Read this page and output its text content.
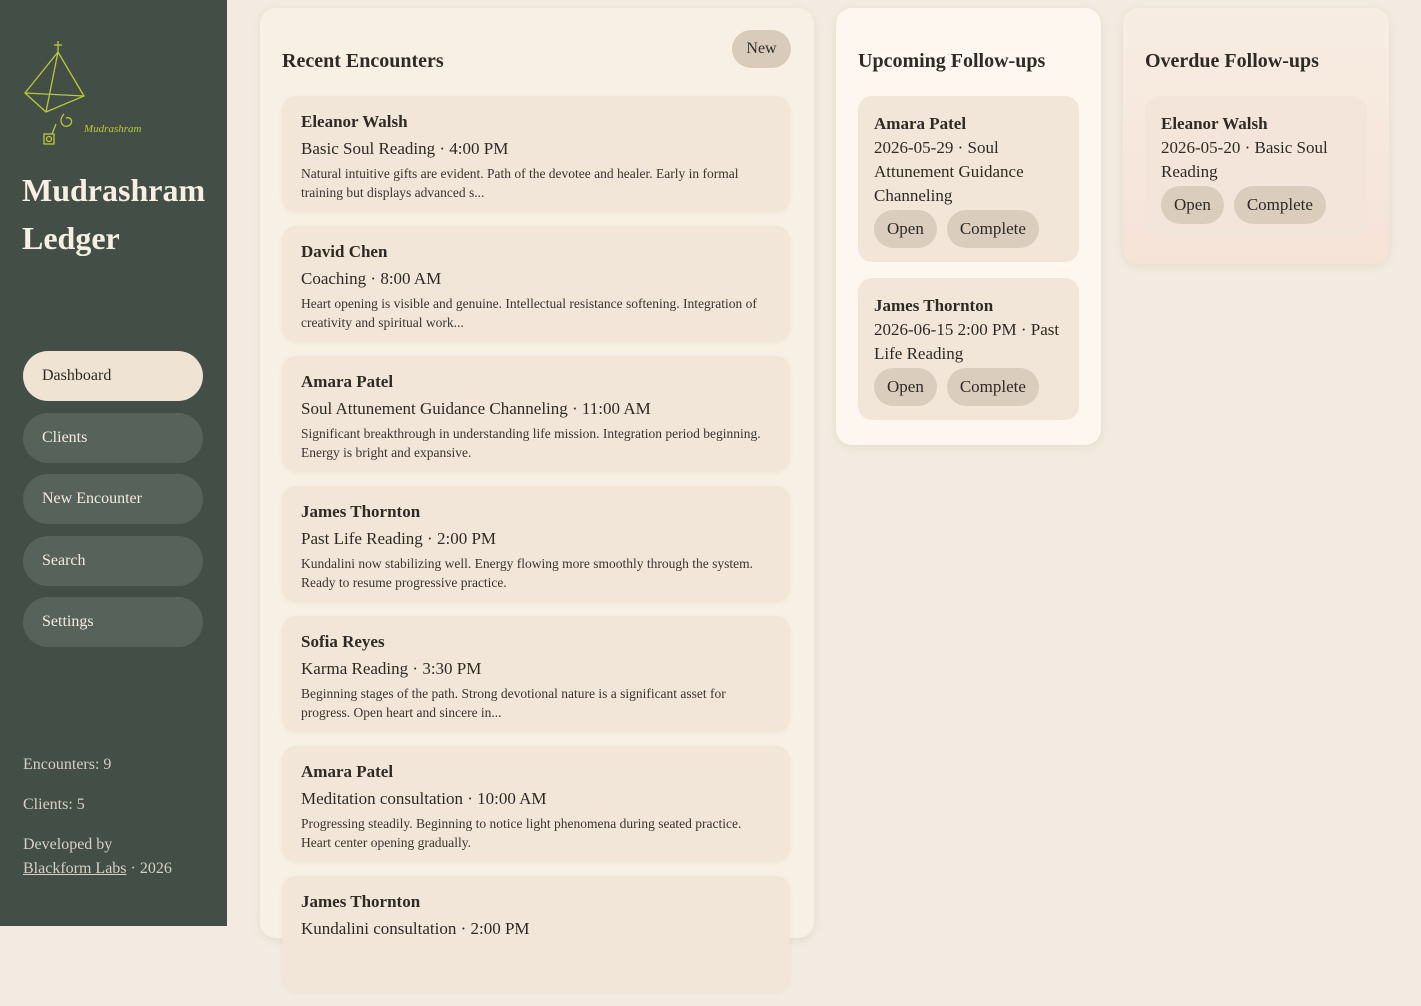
Mudrashram
Mudrashram Ledger
Dashboard
Clients
New Encounter
Search
Settings
Encounters: 9
Clients: 5
Developed by
Blackform Labs · 2026
Recent Encounters
New
Eleanor Walsh
Basic Soul Reading · 4:00 PM
Natural intuitive gifts are evident. Path of the devotee and healer. Early in formal training but displays advanced s...
David Chen
Coaching · 8:00 AM
Heart opening is visible and genuine. Intellectual resistance softening. Integration of creativity and spiritual work...
Amara Patel
Soul Attunement Guidance Channeling · 11:00 AM
Significant breakthrough in understanding life mission. Integration period beginning. Energy is bright and expansive.
James Thornton
Past Life Reading · 2:00 PM
Kundalini now stabilizing well. Energy flowing more smoothly through the system. Ready to resume progressive practice.
Sofia Reyes
Karma Reading · 3:30 PM
Beginning stages of the path. Strong devotional nature is a significant asset for progress. Open heart and sincere in...
Amara Patel
Meditation consultation · 10:00 AM
Progressing steadily. Beginning to notice light phenomena during seated practice. Heart center opening gradually.
James Thornton
Kundalini consultation · 2:00 PM
Upcoming Follow-ups
Amara Patel
2026-05-29 · Soul Attunement Guidance Channeling
Open	Complete
James Thornton
2026-06-15 2:00 PM · Past Life Reading
Open	Complete
Overdue Follow-ups
Eleanor Walsh
2026-05-20 · Basic Soul Reading
Open	Complete
